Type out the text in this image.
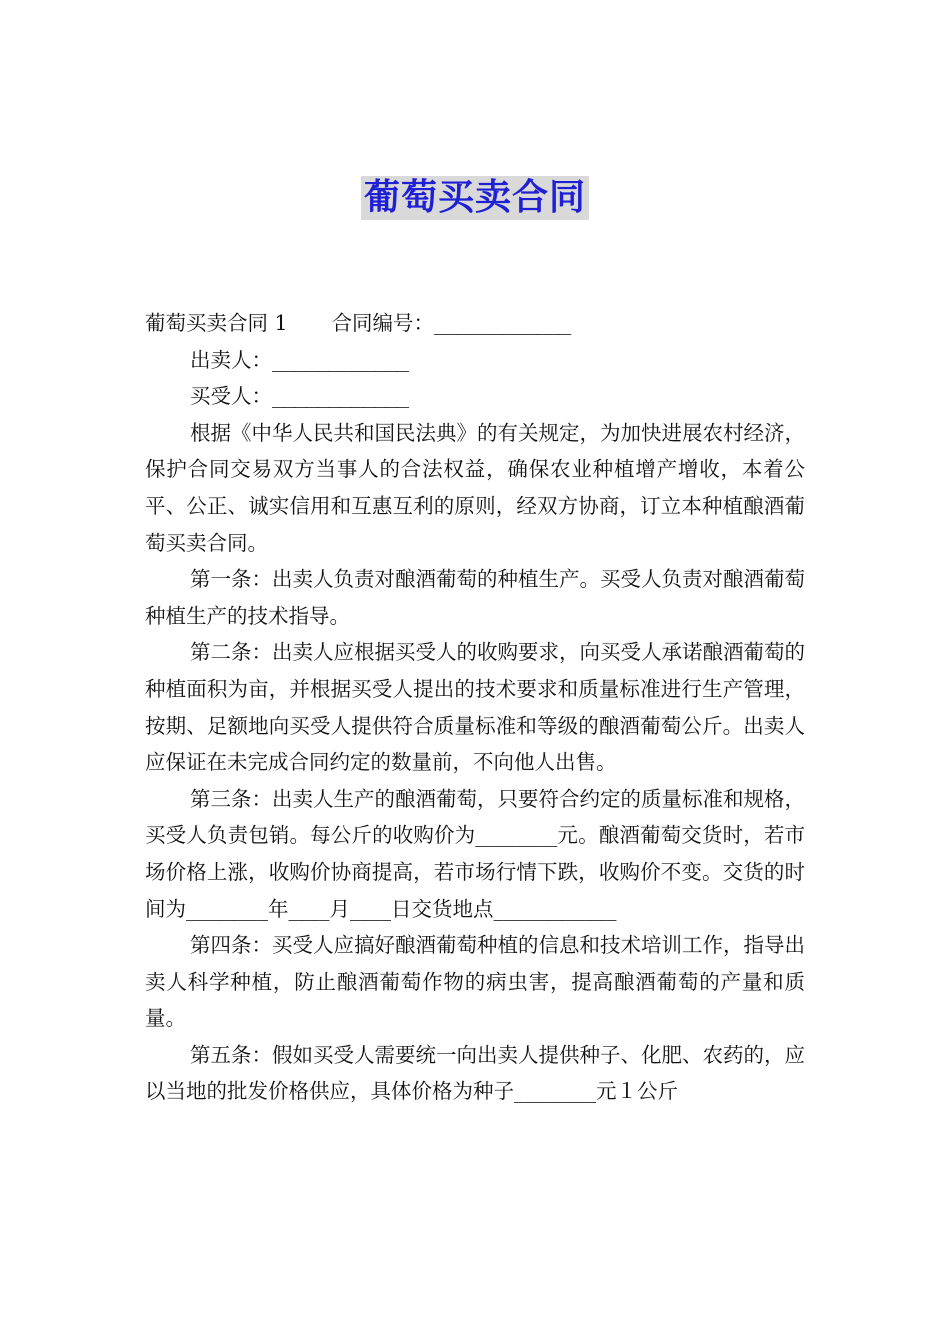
葡萄买卖合同
葡萄买卖合同 1 合同编号：____________
出卖人：____________
买受人：____________

根据《中华人民共和国民法典》的有关规定，为加快进展农村经济，保护合同交易双方当事人的合法权益，确保农业种植增产增收，本着公平、公正、诚实信用和互惠互利的原则，经双方协商，订立本种植酿酒葡萄买卖合同。

第一条：出卖人负责对酿酒葡萄的种植生产。买受人负责对酿酒葡萄种植生产的技术指导。

第二条：出卖人应根据买受人的收购要求，向买受人承诺酿酒葡萄的种植面积为亩，并根据买受人提出的技术要求和质量标准进行生产管理，按期、足额地向买受人提供符合质量标准和等级的酿酒葡萄公斤。出卖人应保证在未完成合同约定的数量前，不向他人出售。

第三条：出卖人生产的酿酒葡萄，只要符合约定的质量标准和规格，买受人负责包销。每公斤的收购价为________元。酿酒葡萄交货时，若市场价格上涨，收购价协商提高，若市场行情下跌，收购价不变。交货的时间为________年____月____日交货地点____________

第四条：买受人应搞好酿酒葡萄种植的信息和技术培训工作，指导出卖人科学种植，防止酿酒葡萄作物的病虫害，提高酿酒葡萄的产量和质量。

第五条：假如买受人需要统一向出卖人提供种子、化肥、农药的，应以当地的批发价格供应，具体价格为种子________元１公斤
